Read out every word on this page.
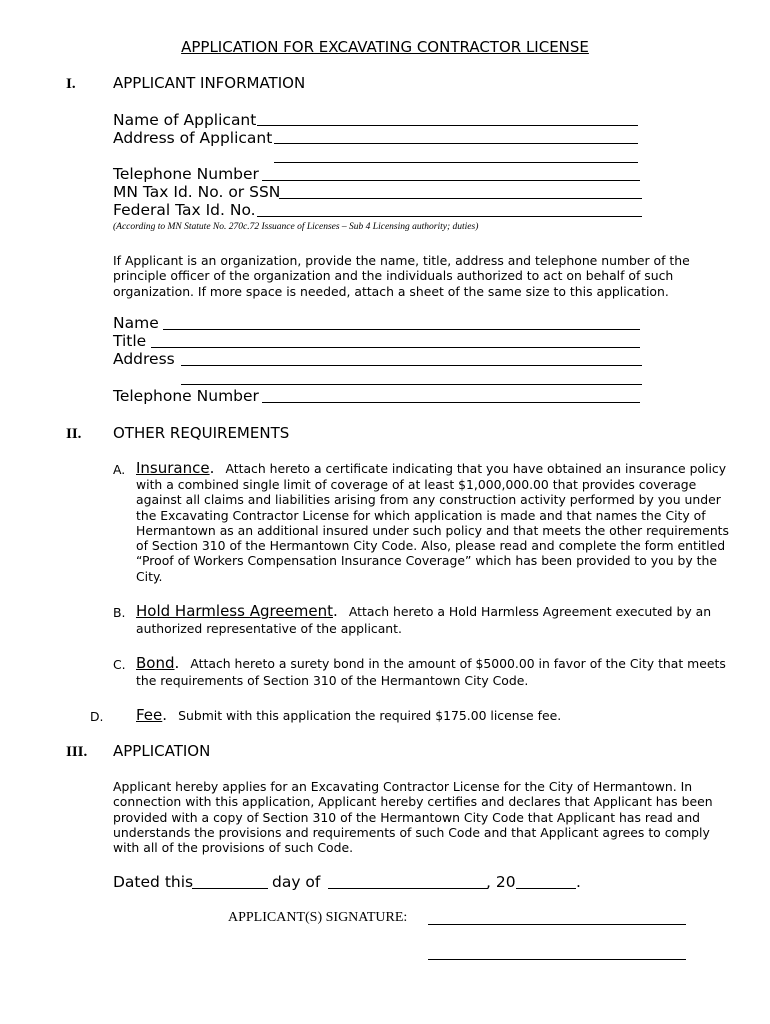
APPLICATION FOR EXCAVATING CONTRACTOR LICENSE
I. APPLICANT INFORMATION
Name of Applicant
Address of Applicant
Telephone Number
MN Tax Id. No. or SSN
Federal Tax Id. No.
(According to MN Statute No. 270c.72 Issuance of Licenses – Sub 4 Licensing authority; duties)
If Applicant is an organization, provide the name, title, address and telephone number of the
principle officer of the organization and the individuals authorized to act on behalf of such
organization. If more space is needed, attach a sheet of the same size to this application.
Name
Title
Address
Telephone Number
II. OTHER REQUIREMENTS
A. Insurance. Attach hereto a certificate indicating that you have obtained an insurance policy
with a combined single limit of coverage of at least $1,000,000.00 that provides coverage
against all claims and liabilities arising from any construction activity performed by you under
the Excavating Contractor License for which application is made and that names the City of
Hermantown as an additional insured under such policy and that meets the other requirements
of Section 310 of the Hermantown City Code. Also, please read and complete the form entitled
“Proof of Workers Compensation Insurance Coverage” which has been provided to you by the
City.
B. Hold Harmless Agreement. Attach hereto a Hold Harmless Agreement executed by an
authorized representative of the applicant.
C. Bond. Attach hereto a surety bond in the amount of $5000.00 in favor of the City that meets
the requirements of Section 310 of the Hermantown City Code.
D. Fee. Submit with this application the required $175.00 license fee.
III. APPLICATION
Applicant hereby applies for an Excavating Contractor License for the City of Hermantown. In
connection with this application, Applicant hereby certifies and declares that Applicant has been
provided with a copy of Section 310 of the Hermantown City Code that Applicant has read and
understands the provisions and requirements of such Code and that Applicant agrees to comply
with all of the provisions of such Code.
Dated this	day of	, 20	.
APPLICANT(S) SIGNATURE:
